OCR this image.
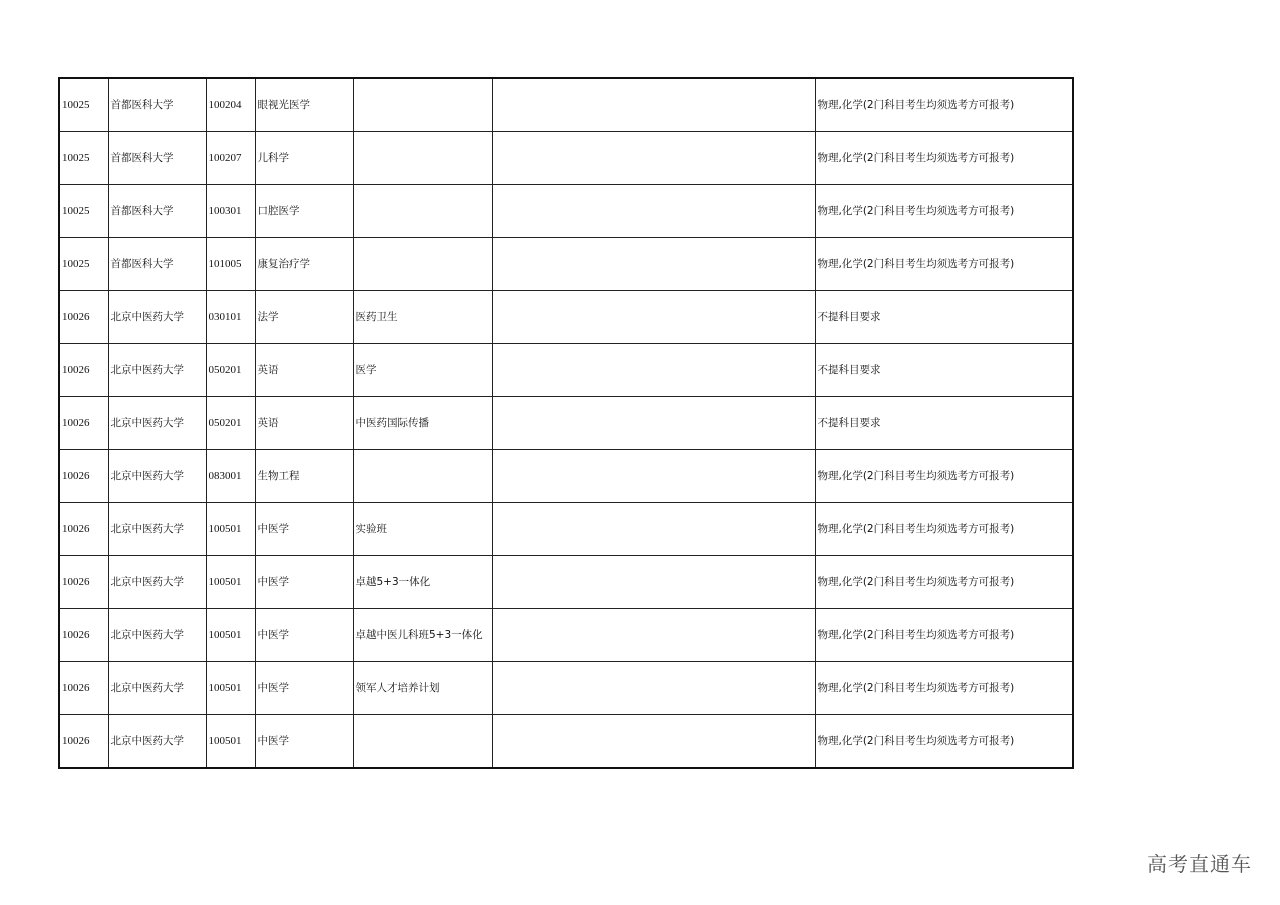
10025	首都医科大学	100204	眼视光医学			物理,化学(2门科目考生均须选考方可报考)
10025	首都医科大学	100207	儿科学			物理,化学(2门科目考生均须选考方可报考)
10025	首都医科大学	100301	口腔医学			物理,化学(2门科目考生均须选考方可报考)
10025	首都医科大学	101005	康复治疗学			物理,化学(2门科目考生均须选考方可报考)
10026	北京中医药大学	030101	法学	医药卫生		不提科目要求
10026	北京中医药大学	050201	英语	医学		不提科目要求
10026	北京中医药大学	050201	英语	中医药国际传播		不提科目要求
10026	北京中医药大学	083001	生物工程			物理,化学(2门科目考生均须选考方可报考)
10026	北京中医药大学	100501	中医学	实验班		物理,化学(2门科目考生均须选考方可报考)
10026	北京中医药大学	100501	中医学	卓越5+3一体化		物理,化学(2门科目考生均须选考方可报考)
10026	北京中医药大学	100501	中医学	卓越中医儿科班5+3一体化		物理,化学(2门科目考生均须选考方可报考)
10026	北京中医药大学	100501	中医学	领军人才培养计划		物理,化学(2门科目考生均须选考方可报考)
10026	北京中医药大学	100501	中医学			物理,化学(2门科目考生均须选考方可报考)
高考直通车
